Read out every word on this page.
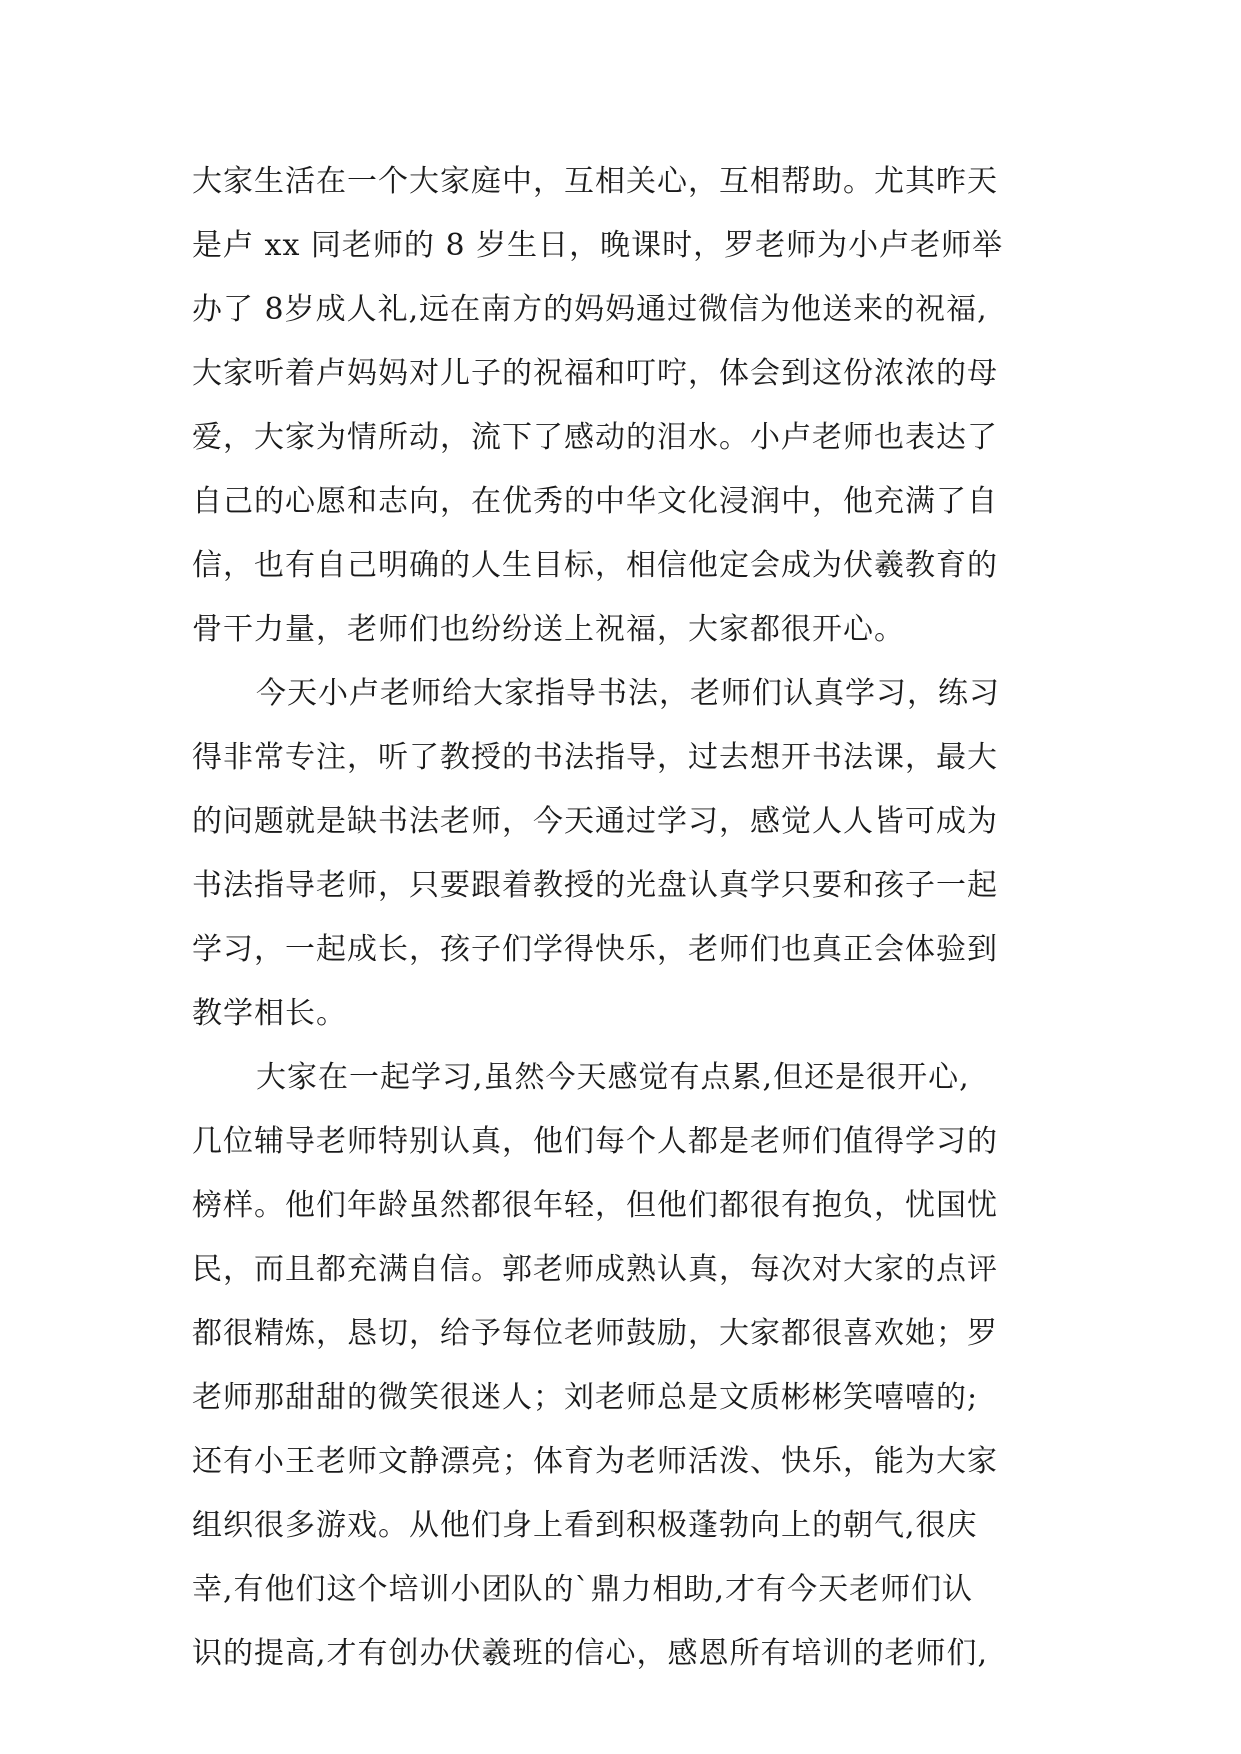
大家生活在一个大家庭中，互相关心，互相帮助。尤其昨天
是卢 xx 同老师的 8 岁生日，晚课时，罗老师为小卢老师举
办了 8岁成人礼,远在南方的妈妈通过微信为他送来的祝福,
大家听着卢妈妈对儿子的祝福和叮咛，体会到这份浓浓的母
爱，大家为情所动，流下了感动的泪水。小卢老师也表达了
自己的心愿和志向，在优秀的中华文化浸润中，他充满了自
信，也有自己明确的人生目标，相信他定会成为伏羲教育的
骨干力量，老师们也纷纷送上祝福，大家都很开心。
今天小卢老师给大家指导书法，老师们认真学习，练习
得非常专注，听了教授的书法指导，过去想开书法课，最大
的问题就是缺书法老师，今天通过学习，感觉人人皆可成为
书法指导老师，只要跟着教授的光盘认真学只要和孩子一起
学习，一起成长，孩子们学得快乐，老师们也真正会体验到
教学相长。
大家在一起学习,虽然今天感觉有点累,但还是很开心,
几位辅导老师特别认真，他们每个人都是老师们值得学习的
榜样。他们年龄虽然都很年轻，但他们都很有抱负，忧国忧
民，而且都充满自信。郭老师成熟认真，每次对大家的点评
都很精炼，恳切，给予每位老师鼓励，大家都很喜欢她；罗
老师那甜甜的微笑很迷人；刘老师总是文质彬彬笑嘻嘻的;
还有小王老师文静漂亮；体育为老师活泼、快乐，能为大家
组织很多游戏。从他们身上看到积极蓬勃向上的朝气,很庆
幸,有他们这个培训小团队的`鼎力相助,才有今天老师们认
识的提高,才有创办伏羲班的信心，感恩所有培训的老师们,
